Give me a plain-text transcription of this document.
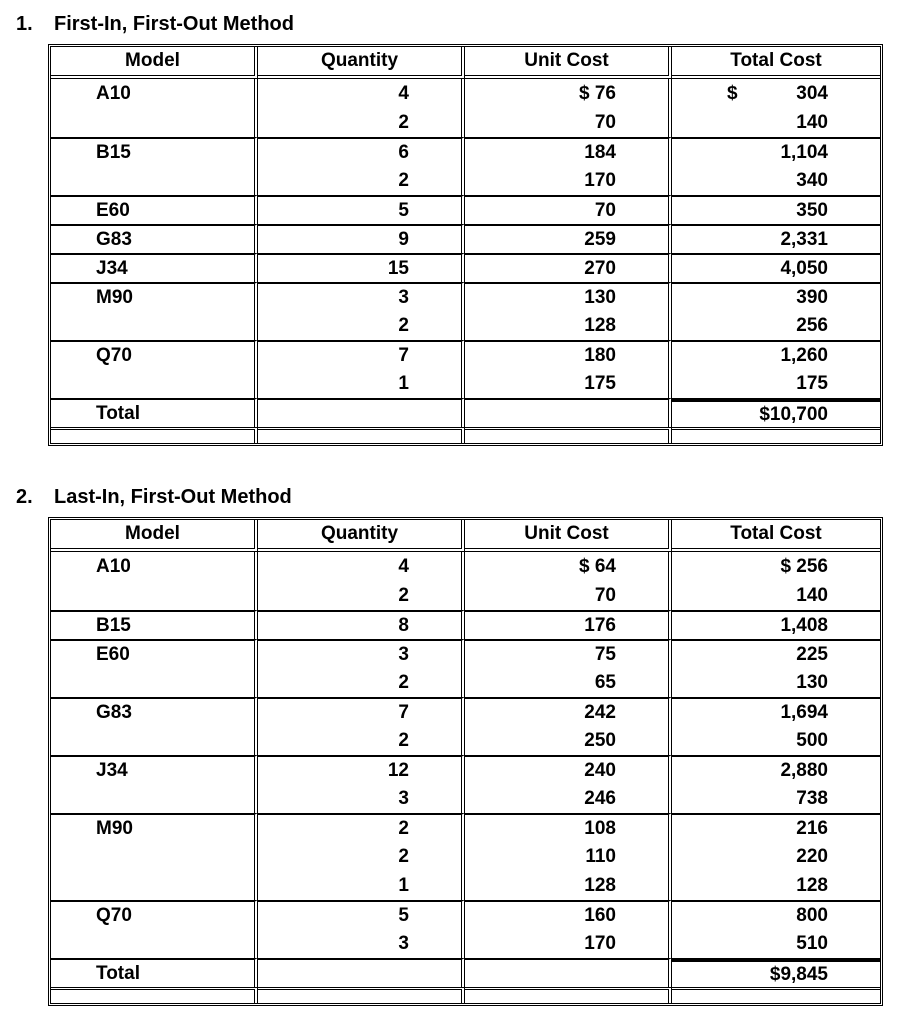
1. First-In, First-Out Method
Model	Quantity	Unit Cost	Total Cost
A10	4	$ 76	$ 304
	2	70	140
B15	6	184	1,104
	2	170	340
E60	5	70	350
G83	9	259	2,331
J34	15	270	4,050
M90	3	130	390
	2	128	256
Q70	7	180	1,260
	1	175	175
Total			$10,700

2. Last-In, First-Out Method
Model	Quantity	Unit Cost	Total Cost
A10	4	$ 64	$ 256
	2	70	140
B15	8	176	1,408
E60	3	75	225
	2	65	130
G83	7	242	1,694
	2	250	500
J34	12	240	2,880
	3	246	738
M90	2	108	216
	2	110	220
	1	128	128
Q70	5	160	800
	3	170	510
Total			$9,845
